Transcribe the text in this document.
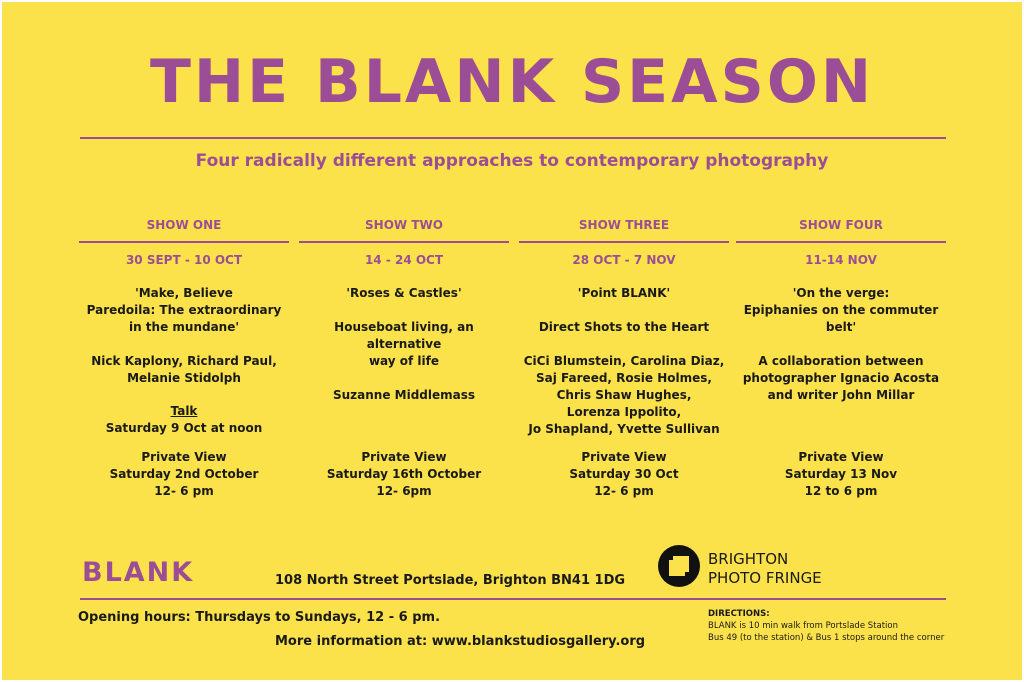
THE BLANK SEASON
Four radically different approaches to contemporary photography
SHOW ONE
30 SEPT - 10 OCT
'Make, Believe
Paredoila: The extraordinary
in the mundane'
Nick Kaplony, Richard Paul,
Melanie Stidolph
Talk
Saturday 9 Oct at noon
SHOW TWO
14 - 24 OCT
'Roses & Castles'
Houseboat living, an alternative
way of life
Suzanne Middlemass
SHOW THREE
28 OCT - 7 NOV
'Point BLANK'
Direct Shots to the Heart
CiCi Blumstein, Carolina Diaz,
Saj Fareed, Rosie Holmes,
Chris Shaw Hughes,
Lorenza Ippolito,
Jo Shapland, Yvette Sullivan
SHOW FOUR
11-14 NOV
'On the verge:
Epiphanies on the commuter belt'
A collaboration between
photographer Ignacio Acosta
and writer John Millar
Private View
Saturday 2nd October
12- 6 pm
Private View
Saturday 16th October
12- 6pm
Private View
Saturday 30 Oct
12- 6 pm
Private View
Saturday 13 Nov
12 to 6 pm
BLANK	108 North Street Portslade, Brighton BN41 1DG
BRIGHTON
PHOTO FRINGE
Opening hours: Thursdays to Sundays, 12 - 6 pm.
More information at: www.blankstudiosgallery.org
DIRECTIONS:
BLANK is 10 min walk from Portslade Station
Bus 49 (to the station) & Bus 1 stops around the corner
